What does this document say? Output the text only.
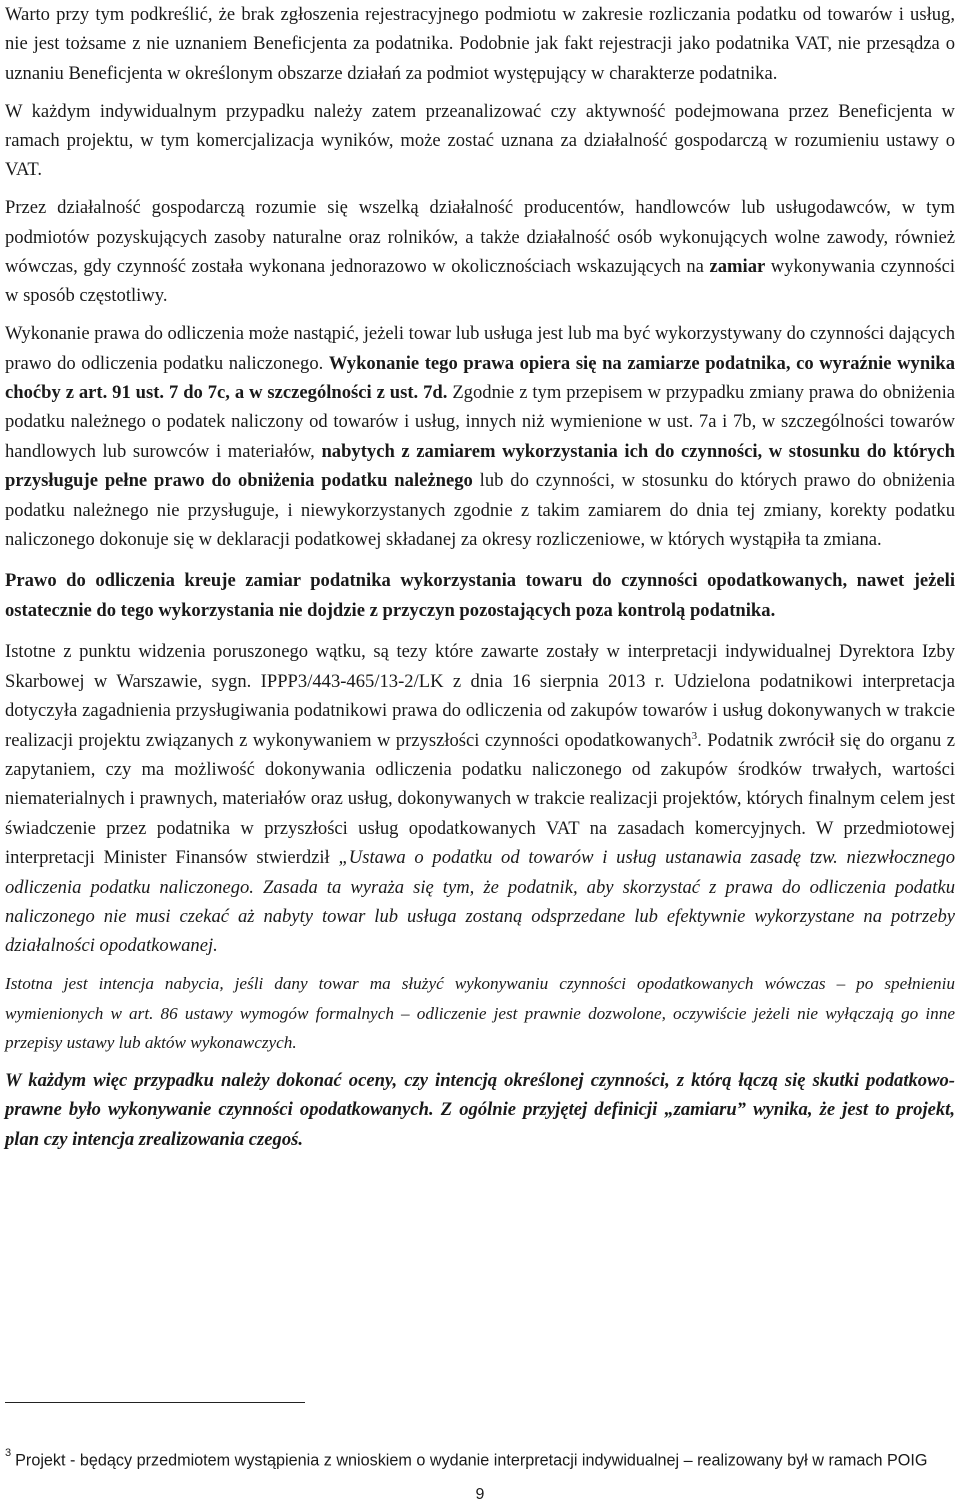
Warto przy tym podkreślić, że brak zgłoszenia rejestracyjnego podmiotu w zakresie rozliczania podatku od towarów i usług, nie jest tożsame z nie uznaniem Beneficjenta za podatnika. Podobnie jak fakt rejestracji jako podatnika VAT, nie przesądza o uznaniu Beneficjenta w określonym obszarze działań za podmiot występujący w charakterze podatnika.

W każdym indywidualnym przypadku należy zatem przeanalizować czy aktywność podejmowana przez Beneficjenta w ramach projektu, w tym komercjalizacja wyników, może zostać uznana za działalność gospodarczą w rozumieniu ustawy o VAT.

Przez działalność gospodarczą rozumie się wszelką działalność producentów, handlowców lub usługodawców, w tym podmiotów pozyskujących zasoby naturalne oraz rolników, a także działalność osób wykonujących wolne zawody, również wówczas, gdy czynność została wykonana jednorazowo w okolicznościach wskazujących na zamiar wykonywania czynności w sposób częstotliwy.

Wykonanie prawa do odliczenia może nastąpić, jeżeli towar lub usługa jest lub ma być wykorzystywany do czynności dających prawo do odliczenia podatku naliczonego. Wykonanie tego prawa opiera się na zamiarze podatnika, co wyraźnie wynika choćby z art. 91 ust. 7 do 7c, a w szczególności z ust. 7d. Zgodnie z tym przepisem w przypadku zmiany prawa do obniżenia podatku należnego o podatek naliczony od towarów i usług, innych niż wymienione w ust. 7a i 7b, w szczególności towarów handlowych lub surowców i materiałów, nabytych z zamiarem wykorzystania ich do czynności, w stosunku do których przysługuje pełne prawo do obniżenia podatku należnego lub do czynności, w stosunku do których prawo do obniżenia podatku należnego nie przysługuje, i niewykorzystanych zgodnie z takim zamiarem do dnia tej zmiany, korekty podatku naliczonego dokonuje się w deklaracji podatkowej składanej za okresy rozliczeniowe, w których wystąpiła ta zmiana.

Prawo do odliczenia kreuje zamiar podatnika wykorzystania towaru do czynności opodatkowanych, nawet jeżeli ostatecznie do tego wykorzystania nie dojdzie z przyczyn pozostających poza kontrolą podatnika.

Istotne z punktu widzenia poruszonego wątku, są tezy które zawarte zostały w interpretacji indywidualnej Dyrektora Izby Skarbowej w Warszawie, sygn. IPPP3/443-465/13-2/LK z dnia 16 sierpnia 2013 r. Udzielona podatnikowi interpretacja dotyczyła zagadnienia przysługiwania podatnikowi prawa do odliczenia od zakupów towarów i usług dokonywanych w trakcie realizacji projektu związanych z wykonywaniem w przyszłości czynności opodatkowanych$^3$. Podatnik zwrócił się do organu z zapytaniem, czy ma możliwość dokonywania odliczenia podatku naliczonego od zakupów środków trwałych, wartości niematerialnych i prawnych, materiałów oraz usług, dokonywanych w trakcie realizacji projektów, których finalnym celem jest świadczenie przez podatnika w przyszłości usług opodatkowanych VAT na zasadach komercyjnych. W przedmiotowej interpretacji Minister Finansów stwierdził „Ustawa o podatku od towarów i usług ustanawia zasadę tzw. niezwłocznego odliczenia podatku naliczonego. Zasada ta wyraża się tym, że podatnik, aby skorzystać z prawa do odliczenia podatku naliczonego nie musi czekać aż nabyty towar lub usługa zostaną odsprzedane lub efektywnie wykorzystane na potrzeby działalności opodatkowanej.

Istotna jest intencja nabycia, jeśli dany towar ma służyć wykonywaniu czynności opodatkowanych wówczas – po spełnieniu wymienionych w art. 86 ustawy wymogów formalnych – odliczenie jest prawnie dozwolone, oczywiście jeżeli nie wyłączają go inne przepisy ustawy lub aktów wykonawczych.

W każdym więc przypadku należy dokonać oceny, czy intencją określonej czynności, z którą łączą się skutki podatkowo-prawne było wykonywanie czynności opodatkowanych. Z ogólnie przyjętej definicji „zamiaru” wynika, że jest to projekt, plan czy intencja zrealizowania czegoś.

$^3$ Projekt - będący przedmiotem wystąpienia z wnioskiem o wydanie interpretacji indywidualnej – realizowany był w ramach POIG
9
